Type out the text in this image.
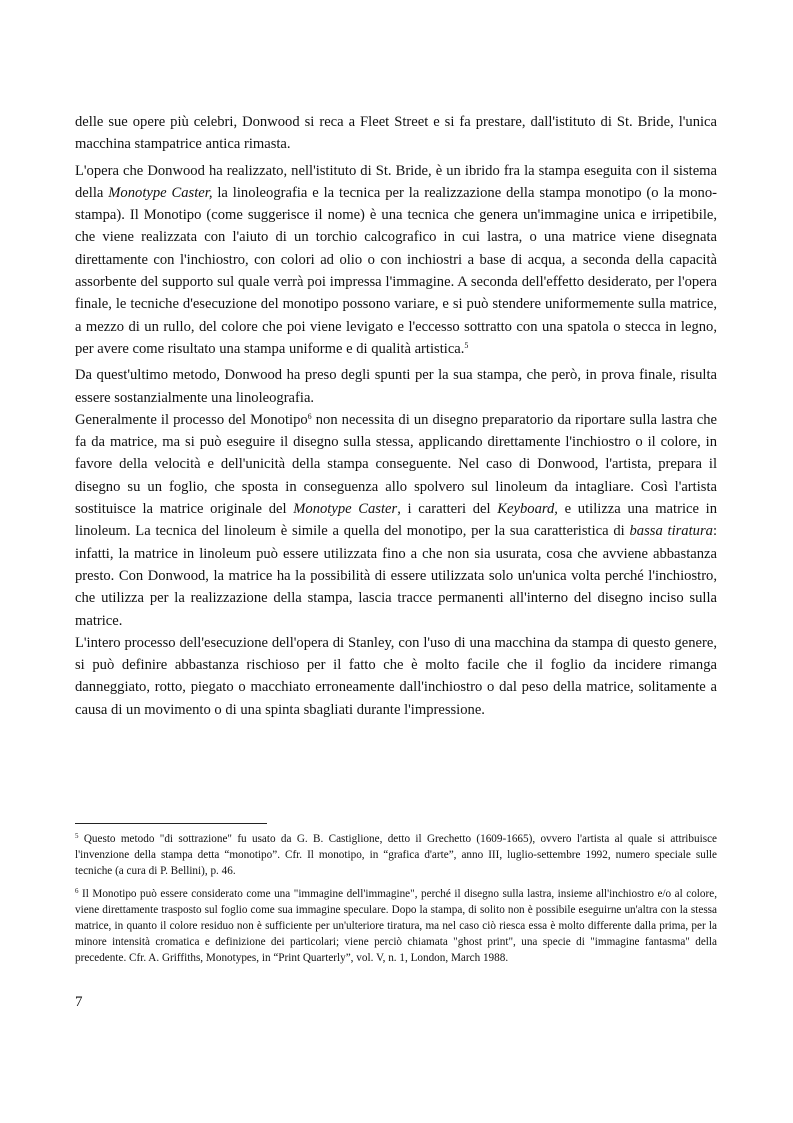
delle sue opere più celebri, Donwood si reca a Fleet Street e si fa prestare, dall'istituto di St. Bride, l'unica macchina stampatrice antica rimasta.

L'opera che Donwood ha realizzato, nell'istituto di St. Bride, è un ibrido fra la stampa eseguita con il sistema della Monotype Caster, la linoleografia e la tecnica per la realizzazione della stampa monotipo (o la mono-stampa). Il Monotipo (come suggerisce il nome) è una tecnica che genera un'immagine unica e irripetibile, che viene realizzata con l'aiuto di un torchio calcografico in cui lastra, o una matrice viene disegnata direttamente con l'inchiostro, con colori ad olio o con inchiostri a base di acqua, a seconda della capacità assorbente del supporto sul quale verrà poi impressa l'immagine. A seconda dell'effetto desiderato, per l'opera finale, le tecniche d'esecuzione del monotipo possono variare, e si può stendere uniformemente sulla matrice, a mezzo di un rullo, del colore che poi viene levigato e l'eccesso sottratto con una spatola o stecca in legno, per avere come risultato una stampa uniforme e di qualità artistica.$^5$

Da quest'ultimo metodo, Donwood ha preso degli spunti per la sua stampa, che però, in prova finale, risulta essere sostanzialmente una linoleografia.

Generalmente il processo del Monotipo$^6$ non necessita di un disegno preparatorio da riportare sulla lastra che fa da matrice, ma si può eseguire il disegno sulla stessa, applicando direttamente l'inchiostro o il colore, in favore della velocità e dell'unicità della stampa conseguente. Nel caso di Donwood, l'artista, prepara il disegno su un foglio, che sposta in conseguenza allo spolvero sul linoleum da intagliare. Così l'artista sostituisce la matrice originale del Monotype Caster, i caratteri del Keyboard, e utilizza una matrice in linoleum. La tecnica del linoleum è simile a quella del monotipo, per la sua caratteristica di bassa tiratura: infatti, la matrice in linoleum può essere utilizzata fino a che non sia usurata, cosa che avviene abbastanza presto. Con Donwood, la matrice ha la possibilità di essere utilizzata solo un'unica volta perché l'inchiostro, che utilizza per la realizzazione della stampa, lascia tracce permanenti all'interno del disegno inciso sulla matrice.

L'intero processo dell'esecuzione dell'opera di Stanley, con l'uso di una macchina da stampa di questo genere, si può definire abbastanza rischioso per il fatto che è molto facile che il foglio da incidere rimanga danneggiato, rotto, piegato o macchiato erroneamente dall'inchiostro o dal peso della matrice, solitamente a causa di un movimento o di una spinta sbagliati durante l'impressione.

$^5$ Questo metodo "di sottrazione" fu usato da G. B. Castiglione, detto il Grechetto (1609-1665), ovvero l'artista al quale si attribuisce l'invenzione della stampa detta “monotipo”. Cfr. Il monotipo, in “grafica d'arte”, anno III, luglio-settembre 1992, numero speciale sulle tecniche (a cura di P. Bellini), p. 46.

$^6$ Il Monotipo può essere considerato come una "immagine dell'immagine", perché il disegno sulla lastra, insieme all'inchiostro e/o al colore, viene direttamente trasposto sul foglio come sua immagine speculare. Dopo la stampa, di solito non è possibile eseguirne un'altra con la stessa matrice, in quanto il colore residuo non è sufficiente per un'ulteriore tiratura, ma nel caso ciò riesca essa è molto differente dalla prima, per la minore intensità cromatica e definizione dei particolari; viene perciò chiamata "ghost print", una specie di "immagine fantasma" della precedente. Cfr. A. Griffiths, Monotypes, in “Print Quarterly”, vol. V, n. 1, London, March 1988.

7
